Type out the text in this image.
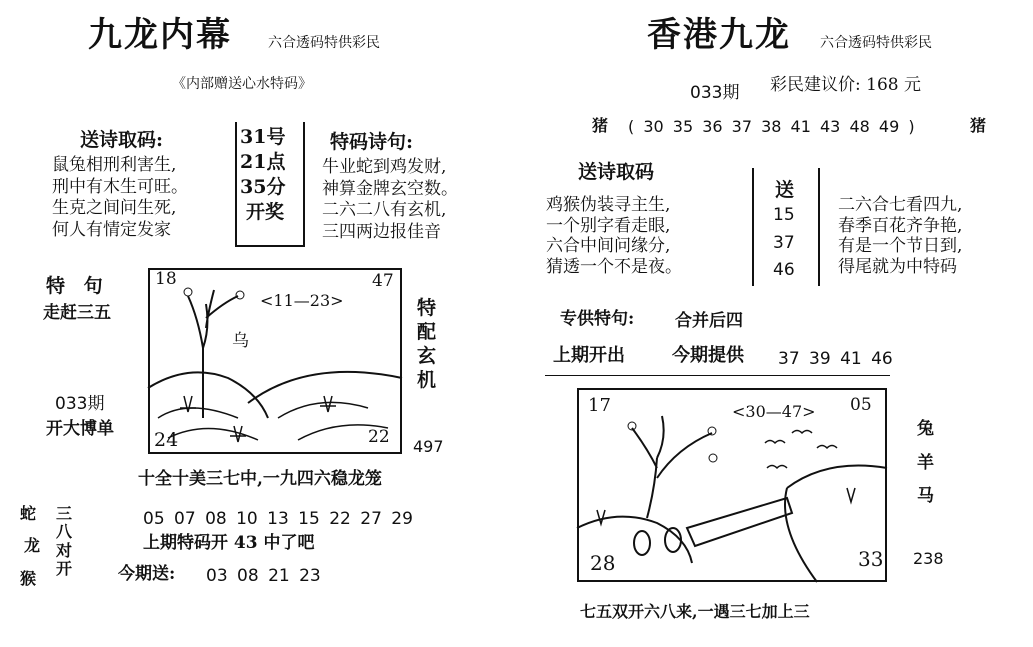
九龙内幕	六合透码特供彩民
《内部赠送心水特码》
送诗取码:
鼠兔相刑利害生,
刑中有木生可旺。
生克之间问生死,
何人有情定发家
31号
21点
35分
开奖
特码诗句:
牛业蛇到鸡发财,
神算金牌玄空数。
二六二八有玄机,
三四两边报佳音
特 句
走赶三五
033期
开大博单
18	47
<11—23>
乌
24	22
特
配
玄
机
497
十全十美三七中,一九四六稳龙笼
蛇
龙
猴
三
八
对
开
05 07 08 10 13 15 22 27 29
上期特码开 43 中了吧
今期送: 03 08 21 23
香港九龙 六合透码特供彩民
033期 彩民建议价: 168 元
猪 ( 30 35 36 37 38 41 43 48 49 )	猪
送诗取码
鸡猴伪装寻主生,
一个别字看走眼,
六合中间问缘分,
猜透一个不是夜。
送
15
37
46
二六合七看四九,
春季百花齐争艳,
有是一个节日到,
得尾就为中特码
专供特句: 合并后四
上期开出	今期提供 37 39 41 46
17	<30—47> 05
28	33
兔
羊
马
238
七五双开六八来,一遇三七加上三
